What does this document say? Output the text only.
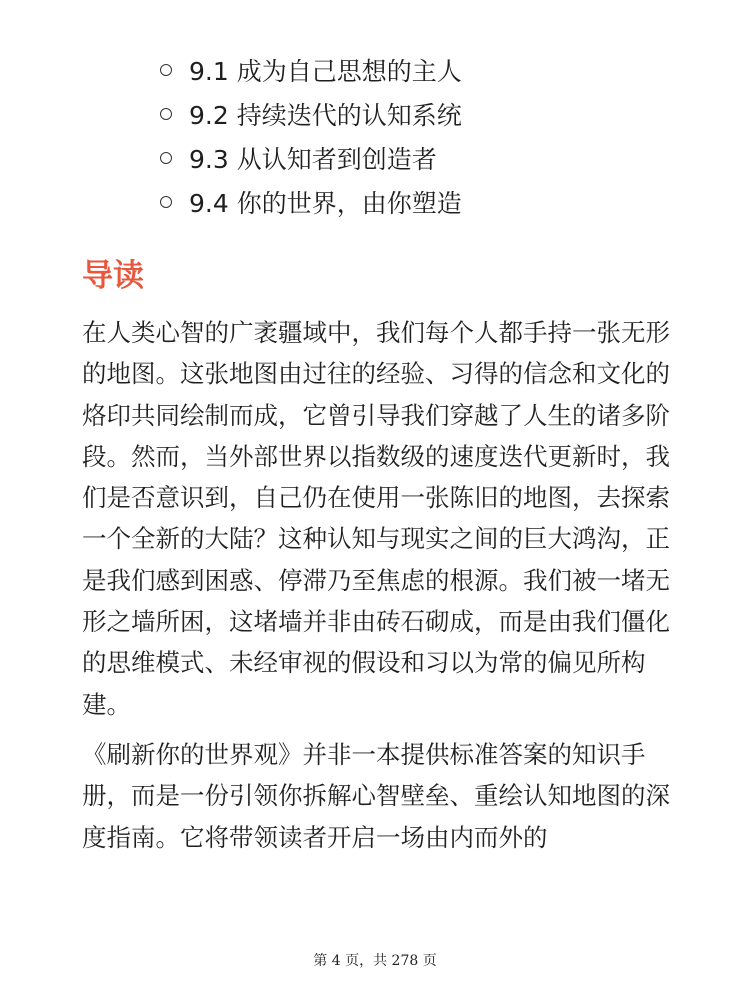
9.1 成为自己思想的主人
9.2 持续迭代的认知系统
9.3 从认知者到创造者
9.4 你的世界，由你塑造
导读

在人类心智的广袤疆域中，我们每个人都手持一张无形的地图。这张地图由过往的经验、习得的信念和文化的烙印共同绘制而成，它曾引导我们穿越了人生的诸多阶段。然而，当外部世界以指数级的速度迭代更新时，我们是否意识到，自己仍在使用一张陈旧的地图，去探索一个全新的大陆？这种认知与现实之间的巨大鸿沟，正是我们感到困惑、停滞乃至焦虑的根源。我们被一堵无形之墙所困，这堵墙并非由砖石砌成，而是由我们僵化的思维模式、未经审视的假设和习以为常的偏见所构建。

《刷新你的世界观》并非一本提供标准答案的知识手册，而是一份引领你拆解心智壁垒、重绘认知地图的深度指南。它将带领读者开启一场由内而外的

第 4 页，共 278 页
